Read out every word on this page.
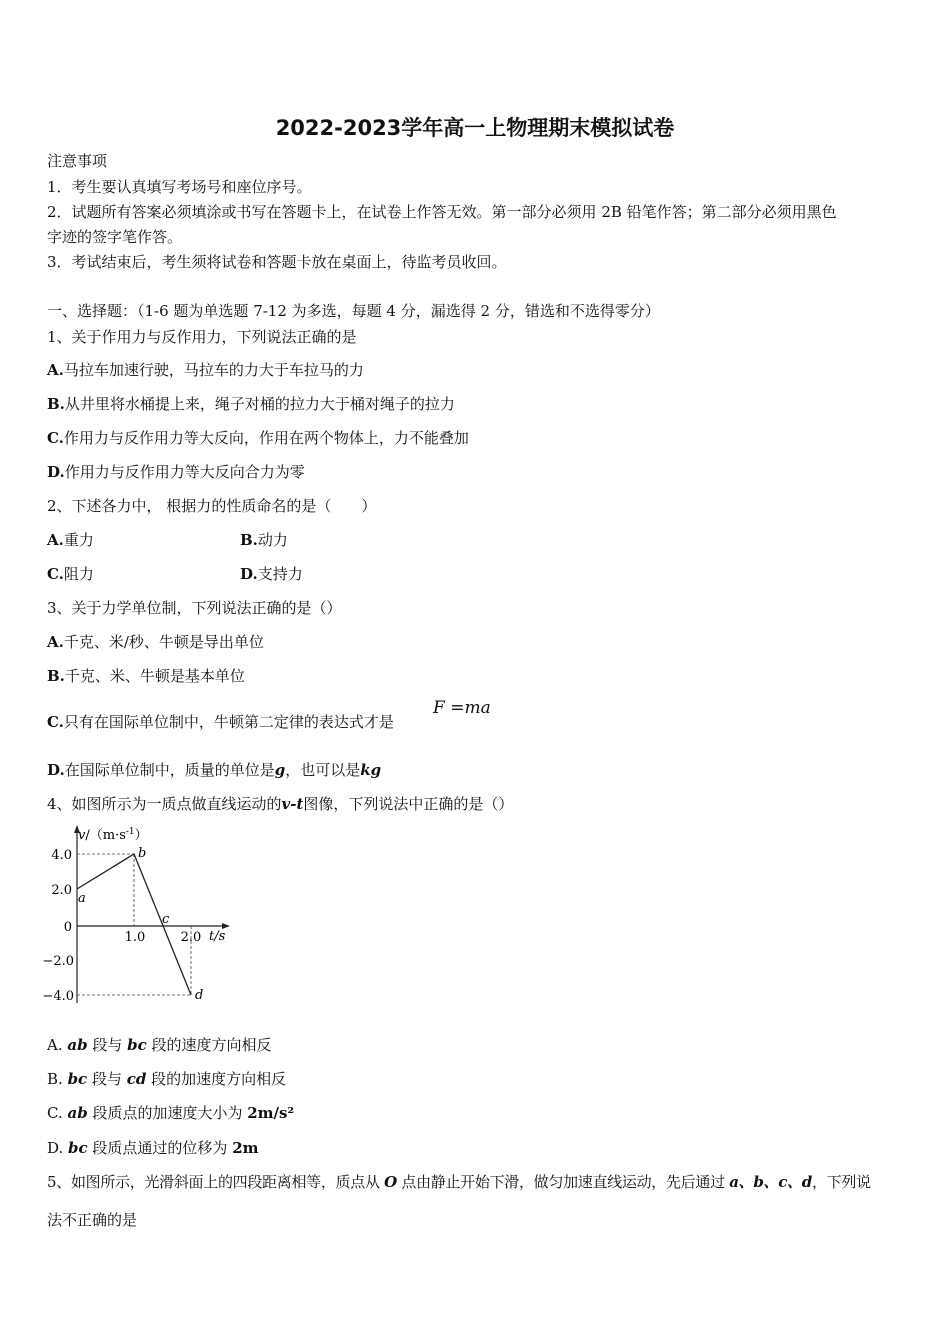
2022-2023学年高一上物理期末模拟试卷
注意事项
1．考生要认真填写考场号和座位序号。
2．试题所有答案必须填涂或书写在答题卡上，在试卷上作答无效。第一部分必须用 2B 铅笔作答；第二部分必须用黑色
字迹的签字笔作答。
3．考试结束后，考生须将试卷和答题卡放在桌面上，待监考员收回。
一、选择题：（1-6 题为单选题 7-12 为多选，每题 4 分，漏选得 2 分，错选和不选得零分）
1、关于作用力与反作用力，下列说法正确的是
A.马拉车加速行驶，马拉车的力大于车拉马的力
B.从井里将水桶提上来，绳子对桶的拉力大于桶对绳子的拉力
C.作用力与反作用力等大反向，作用在两个物体上，力不能叠加
D.作用力与反作用力等大反向合力为零
2、下述各力中， 根据力的性质命名的是（　　）
A.重力	B.动力
C.阻力	D.支持力
3、关于力学单位制，下列说法正确的是（）
A.千克、米/秒、牛顿是导出单位
B.千克、米、牛顿是基本单位
C.只有在国际单位制中，牛顿第二定律的表达式才是
F =ma
D.在国际单位制中，质量的单位是g，也可以是kg
4、如图所示为一质点做直线运动的v-t图像，下列说法中正确的是（）
$v/(m\cdot s^{-1})$
4.0
2.0
0
−2.0
−4.0
1.0	2.0 t/s
a
b
c
d
A. ab 段与 bc 段的速度方向相反
B. bc 段与 cd 段的加速度方向相反
C. ab 段质点的加速度大小为 2m/s²
D. bc 段质点通过的位移为 2m
5、如图所示，光滑斜面上的四段距离相等，质点从 O 点由静止开始下滑，做匀加速直线运动，先后通过 a、b、c、d，下列说
法不正确的是
